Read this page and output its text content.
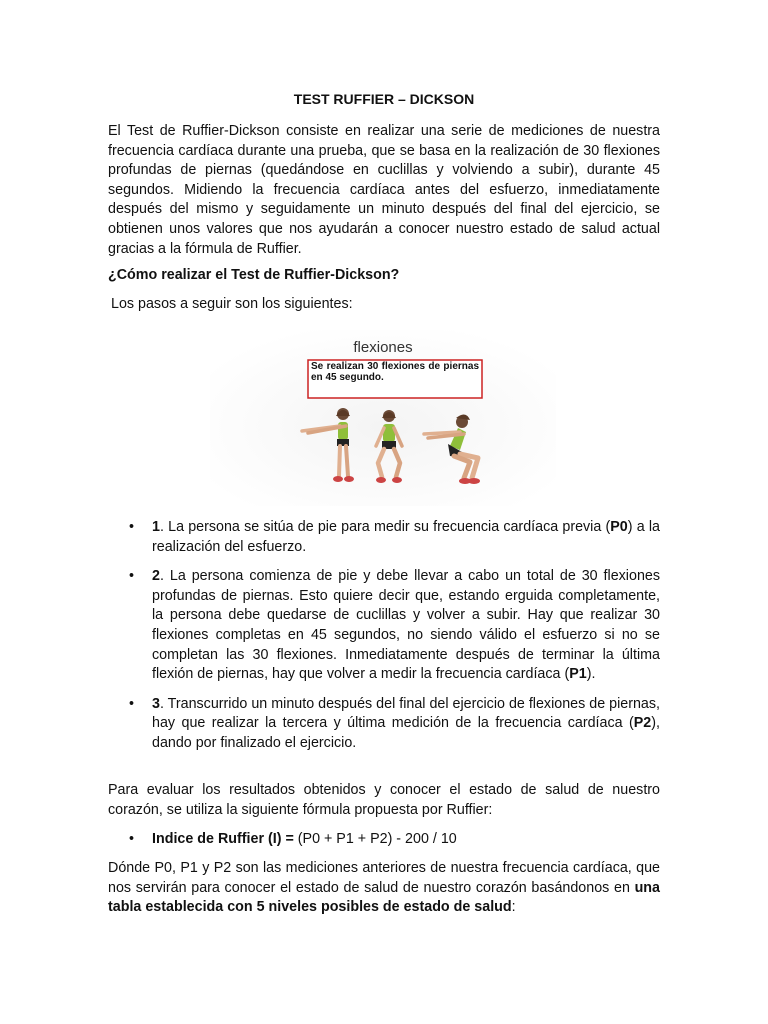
TEST RUFFIER – DICKSON

El Test de Ruffier-Dickson consiste en realizar una serie de mediciones de nuestra frecuencia cardíaca durante una prueba, que se basa en la realización de 30 flexiones profundas de piernas (quedándose en cuclillas y volviendo a subir), durante 45 segundos. Midiendo la frecuencia cardíaca antes del esfuerzo, inmediatamente después del mismo y seguidamente un minuto después del final del ejercicio, se obtienen unos valores que nos ayudarán a conocer nuestro estado de salud actual gracias a la fórmula de Ruffier.

¿Cómo realizar el Test de Ruffier-Dickson?
Los pasos a seguir son los siguientes:
flexiones
Se realizan 30 flexiones de piernas en 45 segundo.
• 1. La persona se sitúa de pie para medir su frecuencia cardíaca previa (P0) a la realización del esfuerzo.
• 2. La persona comienza de pie y debe llevar a cabo un total de 30 flexiones profundas de piernas. Esto quiere decir que, estando erguida completamente, la persona debe quedarse de cuclillas y volver a subir. Hay que realizar 30 flexiones completas en 45 segundos, no siendo válido el esfuerzo si no se completan las 30 flexiones. Inmediatamente después de terminar la última flexión de piernas, hay que volver a medir la frecuencia cardíaca (P1).
• 3. Transcurrido un minuto después del final del ejercicio de flexiones de piernas, hay que realizar la tercera y última medición de la frecuencia cardíaca (P2), dando por finalizado el ejercicio.

Para evaluar los resultados obtenidos y conocer el estado de salud de nuestro corazón, se utiliza la siguiente fórmula propuesta por Ruffier:

•	Indice de Ruffier (I) = (P0 + P1 + P2) - 200 / 10

Dónde P0, P1 y P2 son las mediciones anteriores de nuestra frecuencia cardíaca, que nos servirán para conocer el estado de salud de nuestro corazón basándonos en una tabla establecida con 5 niveles posibles de estado de salud:
